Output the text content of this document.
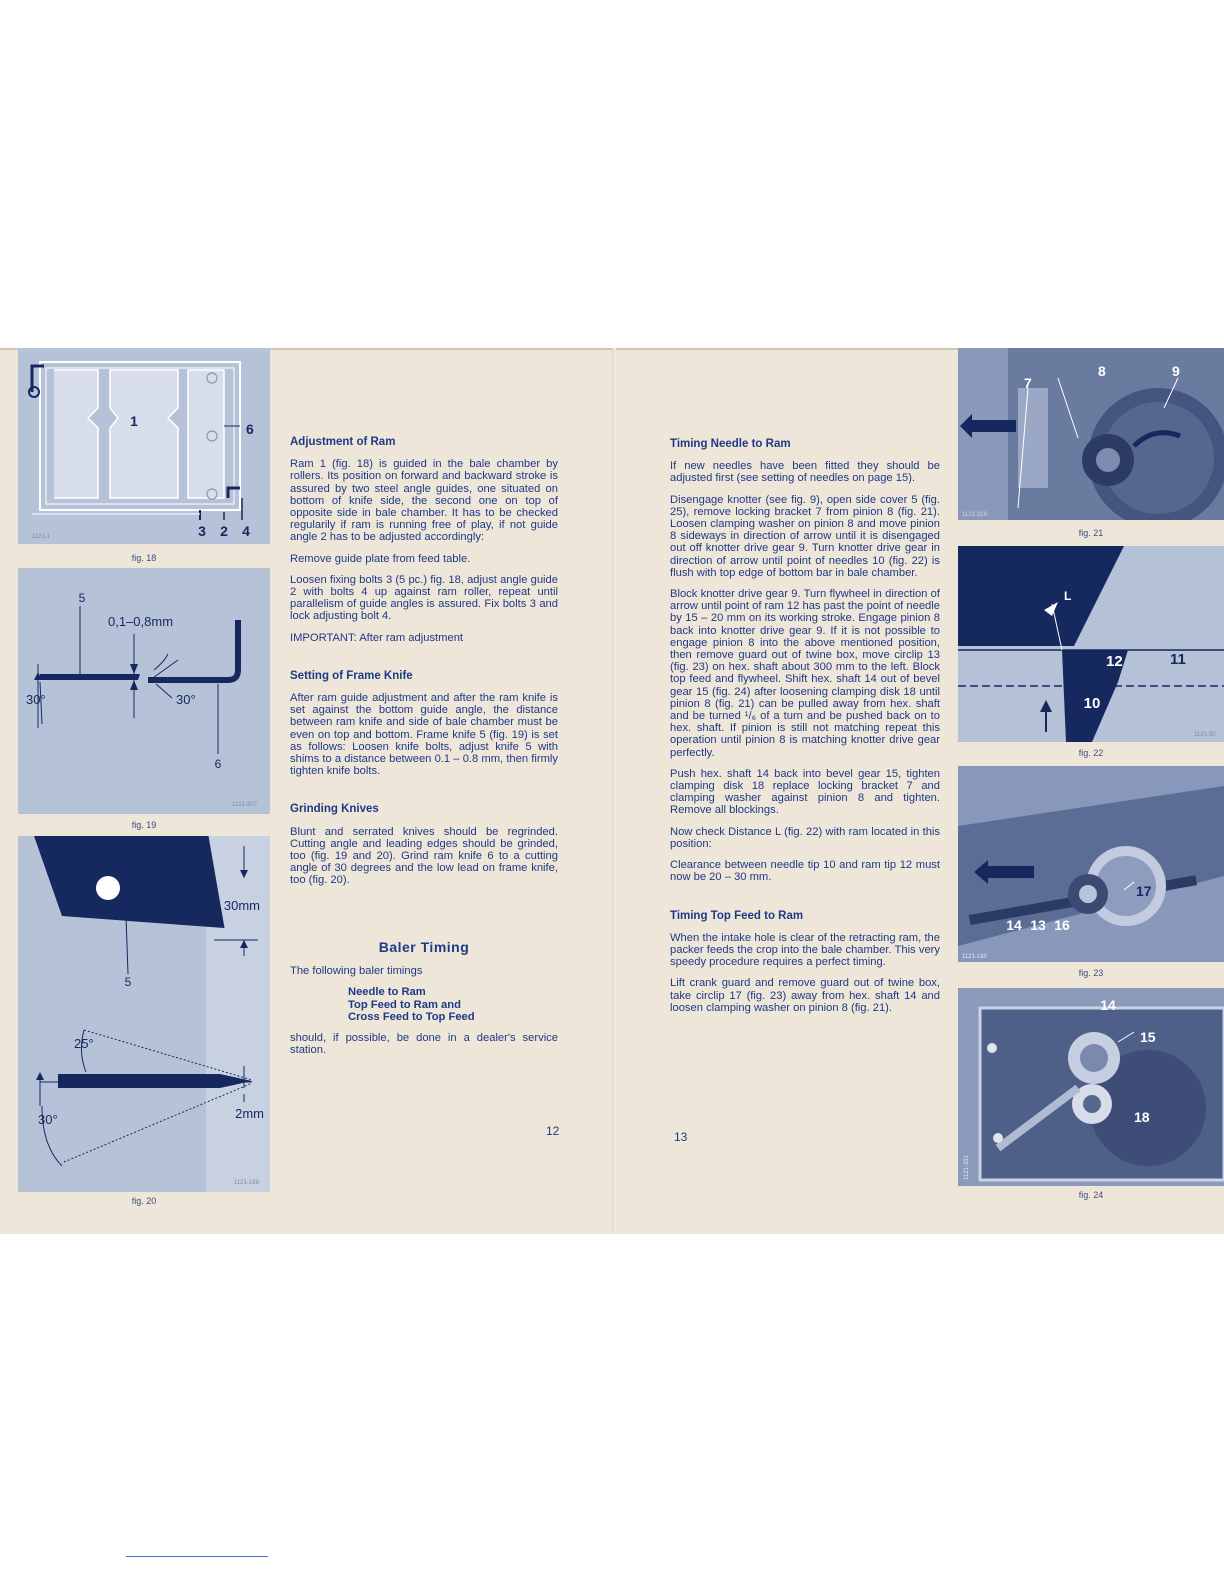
1	6
3 2 4
1121-1
fig. 18
5
0,1–0,8mm
30°	30°
6
1121-307
fig. 19
30mm
5
25°
2mm
30°
1121-188
fig. 20
Adjustment of Ram

Ram 1 (fig. 18) is guided in the bale chamber by rollers. Its position on forward and backward stroke is assured by two steel angle guides, one situated on bottom of knife side, the second one on top of opposite side in bale chamber. It has to be checked regularily if ram is running free of play, if not guide angle 2 has to be adjusted accordingly:

Remove guide plate from feed table.

Loosen fixing bolts 3 (5 pc.) fig. 18, adjust angle guide 2 with bolts 4 up against ram roller, repeat until parallelism of guide angles is assured. Fix bolts 3 and lock adjusting bolt 4.

IMPORTANT: After ram adjustment

Setting of Frame Knife

After ram guide adjustment and after the ram knife is set against the bottom guide angle, the distance between ram knife and side of bale chamber must be even on top and bottom. Frame knife 5 (fig. 19) is set as follows: Loosen knife bolts, adjust knife 5 with shims to a distance between 0.1 – 0.8 mm, then firmly tighten knife bolts.

Grinding Knives

Blunt and serrated knives should be regrinded. Cutting angle and leading edges should be grinded, too (fig. 19 and 20). Grind ram knife 6 to a cutting angle of 30 degrees and the low lead on frame knife, too (fig. 20).

Baler Timing

The following baler timings

Needle to Ram
Top Feed to Ram and
Cross Feed to Top Feed

should, if possible, be done in a dealer's service station.

12
Timing Needle to Ram

If new needles have been fitted they should be adjusted first (see setting of needles on page 15).

Disengage knotter (see fig. 9), open side cover 5 (fig. 25), remove locking bracket 7 from pinion 8 (fig. 21). Loosen clamping washer on pinion 8 and move pinion 8 sideways in direction of arrow until it is disengaged out off knotter drive gear 9. Turn knotter drive gear in direction of arrow until point of needles 10 (fig. 22) is flush with top edge of bottom bar in bale chamber.

Block knotter drive gear 9. Turn flywheel in direction of arrow until point of ram 12 has past the point of needle by 15 – 20 mm on its working stroke. Engage pinion 8 back into knotter drive gear 9. If it is not possible to engage pinion 8 into the above mentioned position, then remove guard out of twine box, move circlip 13 (fig. 23) on hex. shaft about 300 mm to the left. Block top feed and flywheel. Shift hex. shaft 14 out of bevel gear 15 (fig. 24) after loosening clamping disk 18 until pinion 8 (fig. 21) can be pulled away from hex. shaft and be turned ¹/₆ of a turn and be pushed back on to hex. shaft. If pinion is still not matching repeat this operation until pinion 8 is matching knotter drive gear perfectly.

Push hex. shaft 14 back into bevel gear 15, tighten clamping disk 18 replace locking bracket 7 and clamping washer against pinion 8 and tighten. Remove all blockings.

Now check Distance L (fig. 22) with ram located in this position:

Clearance between needle tip 10 and ram tip 12 must now be 20 – 30 mm.

Timing Top Feed to Ram

When the intake hole is clear of the retracting ram, the packer feeds the crop into the bale chamber. This very speedy procedure requires a perfect timing.

Lift crank guard and remove guard out of twine box, take circlip 17 (fig. 23) away from hex. shaft 14 and loosen clamping washer on pinion 8 (fig. 21).

13
7
8	9
1121-319
fig. 21
L
12	11
10
1121-30
fig. 22
17
14 13 16
1121-180
fig. 23
14
15
18
1121-331
fig. 24
